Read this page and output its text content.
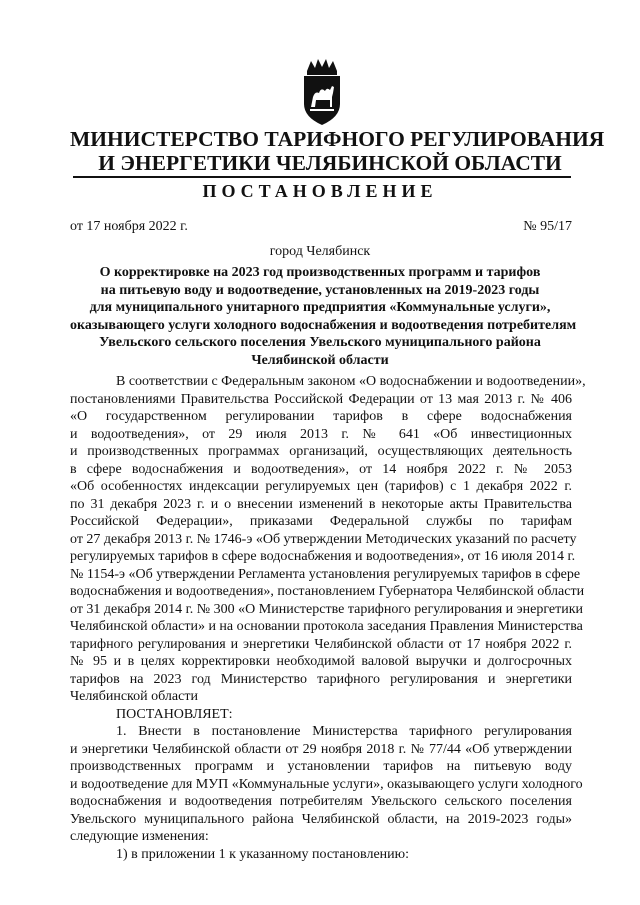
МИНИСТЕРСТВО ТАРИФНОГО РЕГУЛИРОВАНИЯ
И ЭНЕРГЕТИКИ ЧЕЛЯБИНСКОЙ ОБЛАСТИ
ПОСТАНОВЛЕНИЕ
от 17 ноября 2022 г.	№ 95/17
город Челябинск
О корректировке на 2023 год производственных программ и тарифов
на питьевую воду и водоотведение, установленных на 2019-2023 годы
для муниципального унитарного предприятия «Коммунальные услуги»,
оказывающего услуги холодного водоснабжения и водоотведения потребителям
Увельского сельского поселения Увельского муниципального района
Челябинской области
В соответствии с Федеральным законом «О водоснабжении и водоотведении»,
постановлениями Правительства Российской Федерации от 13 мая 2013 г. № 406
«О государственном регулировании тарифов в сфере водоснабжения
и водоотведения», от 29 июля 2013 г. № 641 «Об инвестиционных
и производственных программах организаций, осуществляющих деятельность
в сфере водоснабжения и водоотведения», от 14 ноября 2022 г. № 2053
«Об особенностях индексации регулируемых цен (тарифов) с 1 декабря 2022 г.
по 31 декабря 2023 г. и о внесении изменений в некоторые акты Правительства
Российской Федерации», приказами Федеральной службы по тарифам
от 27 декабря 2013 г. № 1746-э «Об утверждении Методических указаний по расчету
регулируемых тарифов в сфере водоснабжения и водоотведения», от 16 июля 2014 г.
№ 1154-э «Об утверждении Регламента установления регулируемых тарифов в сфере
водоснабжения и водоотведения», постановлением Губернатора Челябинской области
от 31 декабря 2014 г. № 300 «О Министерстве тарифного регулирования и энергетики
Челябинской области» и на основании протокола заседания Правления Министерства
тарифного регулирования и энергетики Челябинской области от 17 ноября 2022 г.
№ 95 и в целях корректировки необходимой валовой выручки и долгосрочных
тарифов на 2023 год Министерство тарифного регулирования и энергетики
Челябинской области
ПОСТАНОВЛЯЕТ:
1. Внести в постановление Министерства тарифного регулирования
и энергетики Челябинской области от 29 ноября 2018 г. № 77/44 «Об утверждении
производственных программ и установлении тарифов на питьевую воду
и водоотведение для МУП «Коммунальные услуги», оказывающего услуги холодного
водоснабжения и водоотведения потребителям Увельского сельского поселения
Увельского муниципального района Челябинской области, на 2019-2023 годы»
следующие изменения:
1) в приложении 1 к указанному постановлению:
